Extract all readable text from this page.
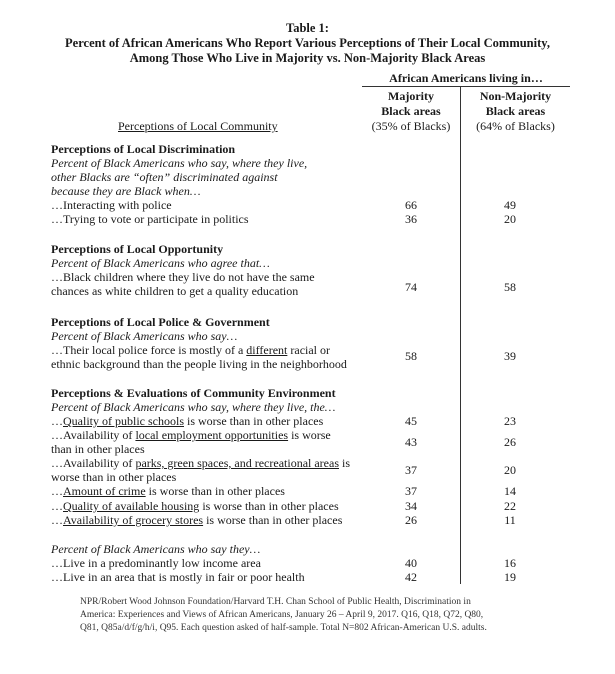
Table 1:
Percent of African Americans Who Report Various Perceptions of Their Local Community,
Among Those Who Live in Majority vs. Non-Majority Black Areas
African Americans living in…
Majority
Black areas
(35% of Blacks)
Non-Majority
Black areas
(64% of Blacks)
Perceptions of Local Community
Perceptions of Local Discrimination
Percent of Black Americans who say, where they live,
other Blacks are “often” discriminated against
because they are Black when…
…Interacting with police	66	49
…Trying to vote or participate in politics	36	20
Perceptions of Local Opportunity
Percent of Black Americans who agree that…
…Black children where they live do not have the same
chances as white children to get a quality education	74	58
Perceptions of Local Police & Government
Percent of Black Americans who say…
…Their local police force is mostly of a different racial or
ethnic background than the people living in the neighborhood
58	39
Perceptions & Evaluations of Community Environment
Percent of Black Americans who say, where they live, the…
…Quality of public schools is worse than in other places	45	23
…Availability of local employment opportunities is worse
than in other places	43	26
…Availability of parks, green spaces, and recreational areas is
worse than in other places	37	20
…Amount of crime is worse than in other places	37	14
…Quality of available housing is worse than in other places	34	22
…Availability of grocery stores is worse than in other places	26	11
Percent of Black Americans who say they…
…Live in a predominantly low income area	40	16
…Live in an area that is mostly in fair or poor health	42	19
NPR/Robert Wood Johnson Foundation/Harvard T.H. Chan School of Public Health, Discrimination in
America: Experiences and Views of African Americans, January 26 – April 9, 2017. Q16, Q18, Q72, Q80,
Q81, Q85a/d/f/g/h/i, Q95. Each question asked of half-sample. Total N=802 African-American U.S. adults.
